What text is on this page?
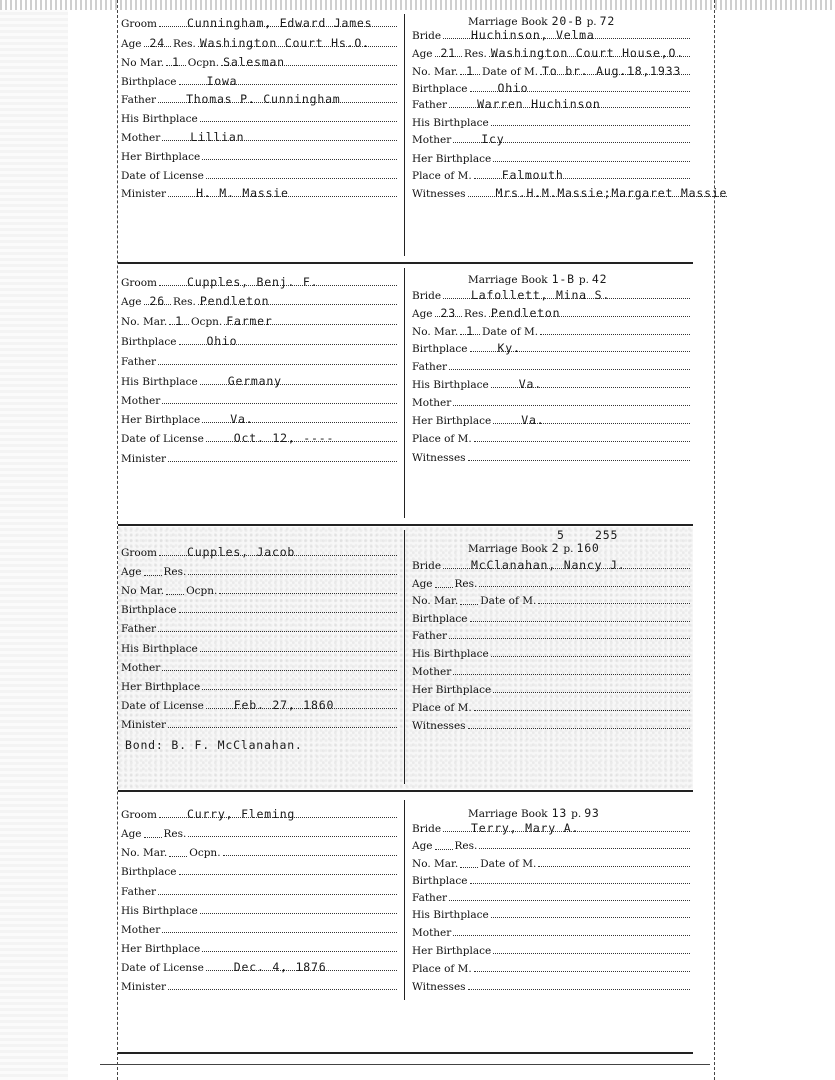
Groom	Cunningham, Edward James
Age 24 Res. Washington Court Hs.O.
No Mar. 1 Ocpn. Salesman
Birthplace	Iowa
Father	Thomas P. Cunningham
His Birthplace
Mother	Lillian
Her Birthplace
Date of License
Minister	H. M. Massie
Bride	Huchinson, Velma
Age 21 Res. Washington Court House,O.
No. Mar. 1 Date of M. To br. Aug.18,1933
Birthplace	Ohio
Father	Warren Huchinson
His Birthplace
Mother	Icy
Her Birthplace
Place of M.	Falmouth
Witnesses	Mrs.H.M.Massie;Margaret Massie
Marriage Book 20-B p. 72
Groom	Cupples, Benj. F.
Age 26 Res. Pendleton
No. Mar. 1 Ocpn. Farmer
Birthplace	Ohio
Father
His Birthplace	Germany
Mother
Her Birthplace	Va.
Date of License	Oct. 12, ----
Minister
Bride	Lafollett, Mina S.
Age 23 Res. Pendleton
No. Mar. 1 Date of M.
Birthplace	Ky.
Father
His Birthplace	Va.
Mother
Her Birthplace	Va.
Place of M.
Witnesses
Marriage Book 1-B p. 42
Groom	Cupples, Jacob
Age Res.
No Mar. Ocpn.
Birthplace
Father
His Birthplace
Mother
Her Birthplace
Date of License	Feb. 27, 1860
Minister
Bride	McClanahan, Nancy J.
Age Res.
No. Mar. Date of M.
Birthplace
Father
His Birthplace
Mother
Her Birthplace
Place of M.
Witnesses
Marriage Book 2 p. 160
5	255
Bond: B. F. McClanahan.
Groom	Curry, Fleming
Age Res.
No. Mar. Ocpn.
Birthplace
Father
His Birthplace
Mother
Her Birthplace
Date of License	Dec. 4, 1876
Minister
Bride	Terry, Mary A.
Age Res.
No. Mar. Date of M.
Birthplace
Father
His Birthplace
Mother
Her Birthplace
Place of M.
Witnesses
Marriage Book 13 p. 93
